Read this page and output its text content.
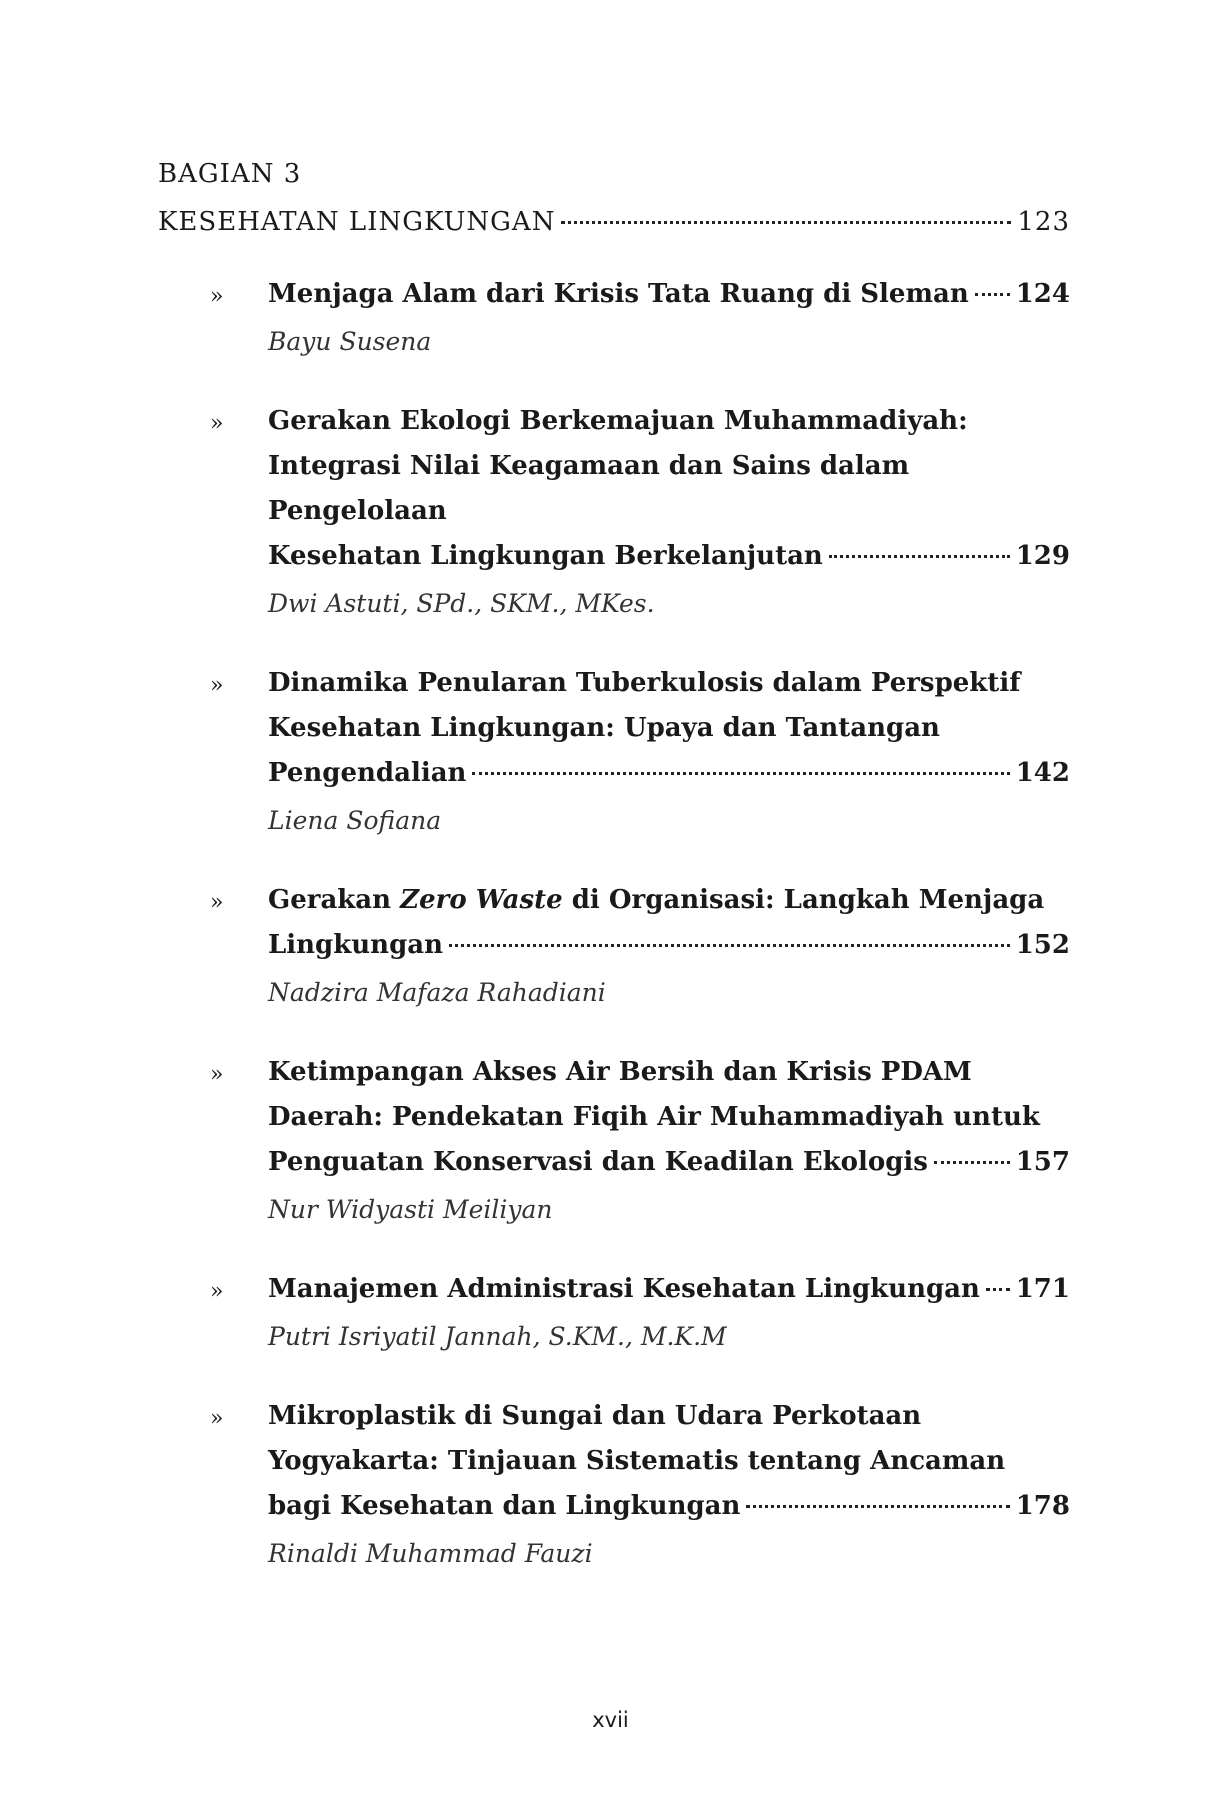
BAGIAN 3
KESEHATAN LINGKUNGAN	123
» Menjaga Alam dari Krisis Tata Ruang di Sleman 124
Bayu Susena
» Gerakan Ekologi Berkemajuan Muhammadiyah:
Integrasi Nilai Keagamaan dan Sains dalam Pengelolaan
Kesehatan Lingkungan Berkelanjutan	129
Dwi Astuti, SPd., SKM., MKes.
» Dinamika Penularan Tuberkulosis dalam Perspektif
Kesehatan Lingkungan: Upaya dan Tantangan
Pengendalian	142
Liena Sofiana
» Gerakan Zero Waste di Organisasi: Langkah Menjaga
Lingkungan	152
Nadzira Mafaza Rahadiani
» Ketimpangan Akses Air Bersih dan Krisis PDAM
Daerah: Pendekatan Fiqih Air Muhammadiyah untuk
Penguatan Konservasi dan Keadilan Ekologis	157
Nur Widyasti Meiliyan
» Manajemen Administrasi Kesehatan Lingkungan 171
Putri Isriyatil Jannah, S.KM., M.K.M
» Mikroplastik di Sungai dan Udara Perkotaan
Yogyakarta: Tinjauan Sistematis tentang Ancaman
bagi Kesehatan dan Lingkungan	178
Rinaldi Muhammad Fauzi
xvii
